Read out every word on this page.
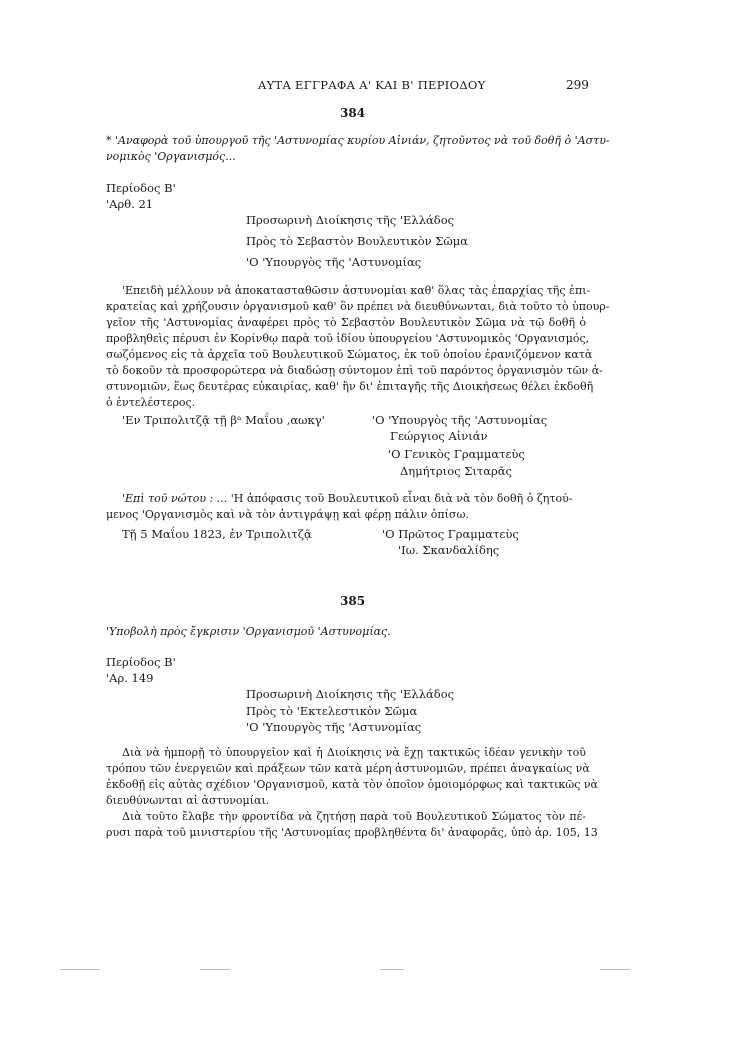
ΑΥΤΑ ΕΓΓΡΑΦΑ Α' ΚΑΙ Β' ΠΕΡΙΟΔΟΥ	299
384
* 'Αναφορὰ τοῦ ὑπουργοῦ τῆς 'Αστυνομίας κυρίου Αἰνιάν, ζητοῦντος νὰ τοῦ δοθῆ ὁ 'Αστυ-
νομικὸς 'Οργανισμός...
Περίοδος Β'
'Αρθ. 21
Προσωρινὴ Διοίκησις τῆς 'Ελλάδος
Πρὸς τὸ Σεβαστὸν Βουλευτικὸν Σῶμα
'Ο 'Υπουργὸς τῆς 'Αστυνομίας
'Επειδὴ μέλλουν νὰ ἀποκατασταθῶσιν ἀστυνομίαι καθ' ὅλας τὰς ἐπαρχίας τῆς ἐπι-
κρατείας καὶ χρήζουσιν ὀργανισμοῦ καθ' ὃν πρέπει νὰ διευθύνωνται, διὰ τοῦτο τὸ ὑπουρ-
γεῖον τῆς 'Αστυνομίας ἀναφέρει πρὸς τὸ Σεβαστὸν Βουλευτικὸν Σῶμα νὰ τῷ δοθῆ ὁ
προβληθεὶς πέρυσι ἐν Κορίνθῳ παρὰ τοῦ ἰδίου ὑπουργείου 'Αστυνομικὸς 'Οργανισμός,
σωζόμενος εἰς τὰ ἀρχεῖα τοῦ Βουλευτικοῦ Σώματος, ἐκ τοῦ ὁποίου ἐρανιζόμενον κατὰ
τὸ δοκοῦν τὰ προσφορώτερα νὰ διαδώσῃ σύντομον ἐπὶ τοῦ παρόντος ὀργανισμὸν τῶν ἀ-
στυνομιῶν, ἕως δευτέρας εὐκαιρίας, καθ' ἣν δι' ἐπιταγῆς τῆς Διοικήσεως θέλει ἐκδοθῆ
ὁ ἐντελέστερος.
'Εν Τριπολιτζᾷ τῇ βᵃ Μαΐου ,αωκγ'	'Ο 'Υπουργὸς τῆς 'Αστυνομίας
Γεώργιος Αἰνιάν
'Ο Γενικὸς Γραμματεὺς
Δημήτριος Σιταρᾶς
'Επὶ τοῦ νώτου : ... 'Η ἀπόφασις τοῦ Βουλευτικοῦ εἶναι διὰ νὰ τὸν δοθῆ ὁ ζητού-
μενος 'Οργανισμὸς καὶ νὰ τὸν ἀντιγράψῃ καὶ φέρῃ πάλιν ὀπίσω.
Τῇ 5 Μαΐου 1823, ἐν Τριπολιτζᾷ	'Ο Πρῶτος Γραμματεὺς
'Ιω. Σκανδαλίδης
385
'Υποβολὴ πρὸς ἔγκρισιν 'Οργανισμοῦ 'Αστυνομίας.
Περίοδος Β'
'Αρ. 149
Προσωρινὴ Διοίκησις τῆς 'Ελλάδος
Πρὸς τὸ 'Εκτελεστικὸν Σῶμα
'Ο 'Υπουργὸς τῆς 'Αστυνομίας
Διὰ νὰ ἠμπορῇ τὸ ὑπουργεῖον καὶ ἡ Διοίκησις νὰ ἔχῃ τακτικῶς ἰδέαν γενικὴν τοῦ
τρόπου τῶν ἐνεργειῶν καὶ πράξεων τῶν κατὰ μέρη ἀστυνομιῶν, πρέπει ἀναγκαίως νὰ
ἐκδοθῇ εἰς αὐτὰς σχέδιον 'Οργανισμοῦ, κατὰ τὸν ὁποῖον ὁμοιομόρφως καὶ τακτικῶς νὰ
διευθύνωνται αἱ ἀστυνομίαι.
Διὰ τοῦτο ἔλαβε τὴν φροντίδα νὰ ζητήσῃ παρὰ τοῦ Βουλευτικοῦ Σώματος τὸν πέ-
ρυσι παρὰ τοῦ μινιστερίου τῆς 'Αστυνομίας προβληθέντα δι' ἀναφορᾶς, ὑπὸ ἀρ. 105, 13
